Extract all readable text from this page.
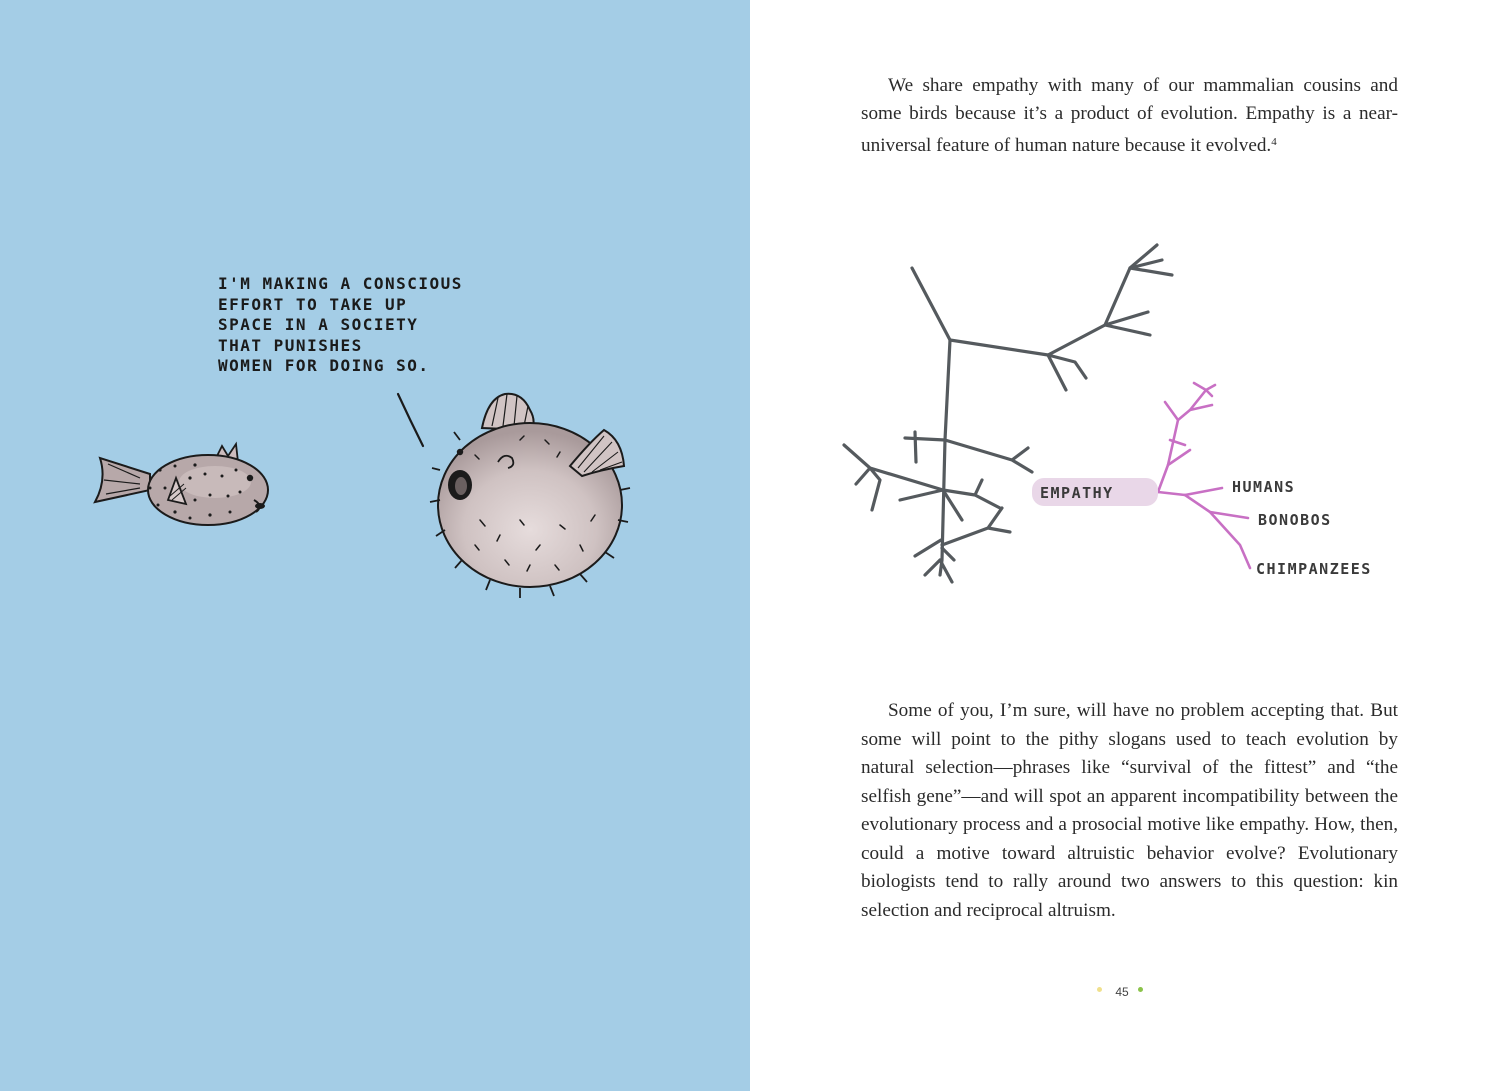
I'M MAKING A CONSCIOUS
EFFORT TO TAKE UP
SPACE IN A SOCIETY
THAT PUNISHES
WOMEN FOR DOING SO.

We share empathy with many of our mammalian cousins and some birds because it’s a product of evolution. Empathy is a near-universal feature of human nature because it evolved.$^4$

EMPATHY	HUMANS
BONOBOS
CHIMPANZEES

Some of you, I’m sure, will have no problem accepting that. But some will point to the pithy slogans used to teach evolution by natural selection—phrases like “survival of the fittest” and “the selfish gene”—and will spot an apparent incompatibility between the evolutionary process and a prosocial motive like empathy. How, then, could a motive toward altruistic behavior evolve? Evolutionary biologists tend to rally around two answers to this question: kin selection and reciprocal altruism.

45
